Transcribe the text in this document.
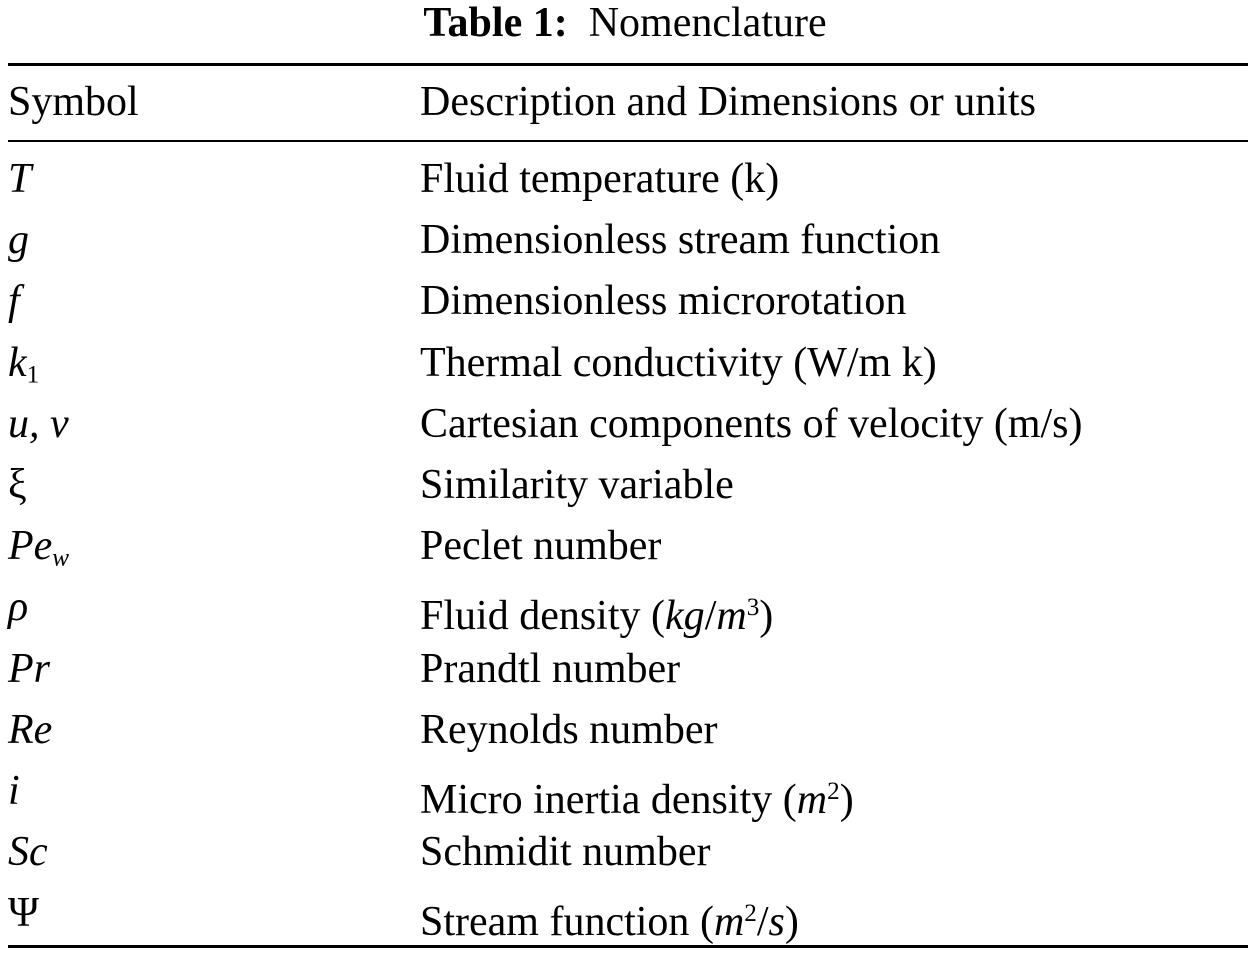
Table 1: Nomenclature
Symbol	Description and Dimensions or units
T	Fluid temperature (k)
g	Dimensionless stream function
f	Dimensionless microrotation
$k_1$	Thermal conductivity (W/m k)
u, v	Cartesian components of velocity (m/s)
ξ	Similarity variable
$Pe_w$	Peclet number
ρ	Fluid density $(kg/m^3)$
Pr	Prandtl number
Re	Reynolds number
i	Micro inertia density $(m^2)$
Sc	Schmidit number
Ψ	Stream function $(m^2/s)$
